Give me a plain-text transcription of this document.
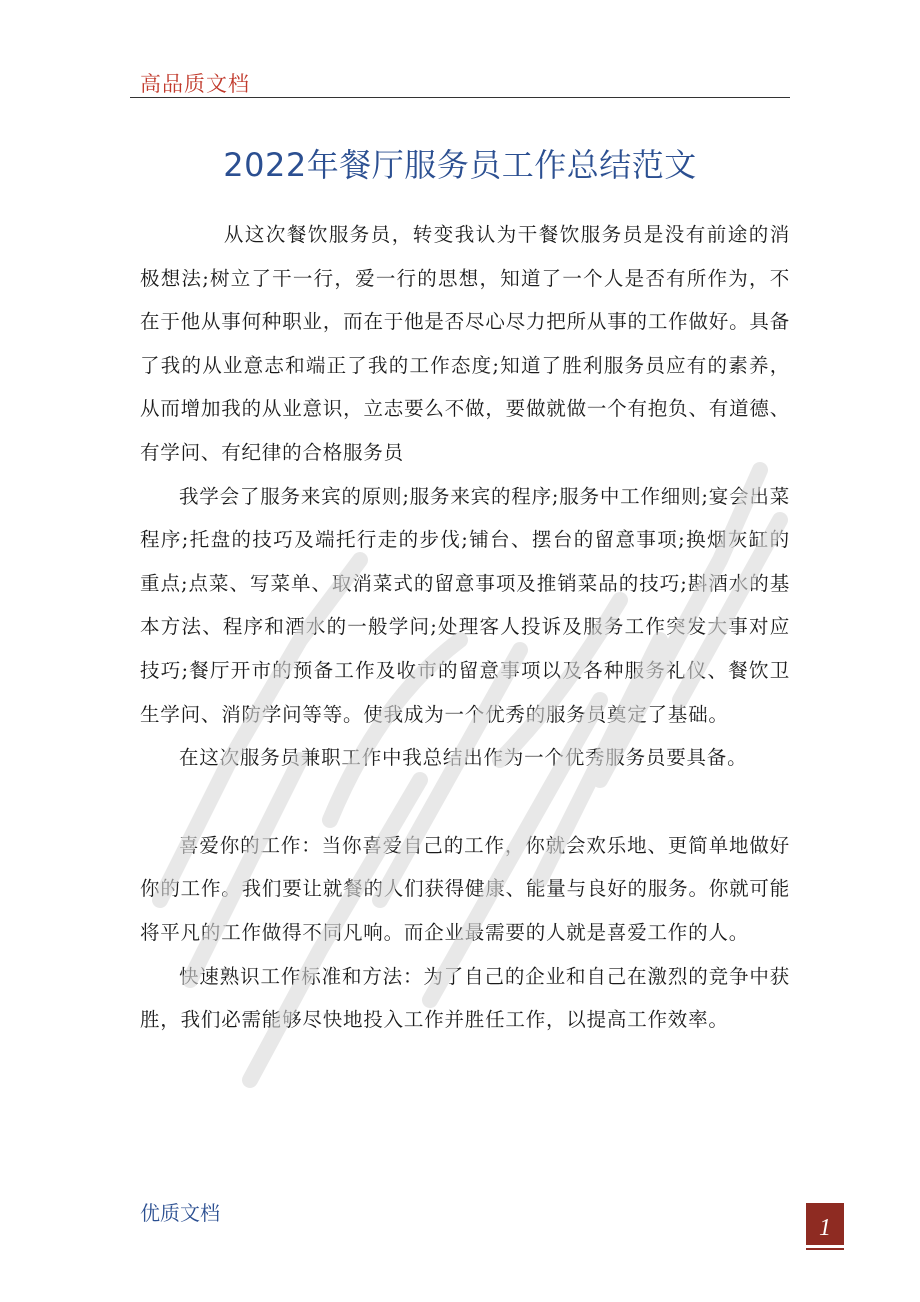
高品质文档
2022年餐厅服务员工作总结范文

从这次餐饮服务员，转变我认为干餐饮服务员是没有前途的消极想法;树立了干一行，爱一行的思想，知道了一个人是否有所作为，不在于他从事何种职业，而在于他是否尽心尽力把所从事的工作做好。具备了我的从业意志和端正了我的工作态度;知道了胜利服务员应有的素养，从而增加我的从业意识，立志要么不做，要做就做一个有抱负、有道德、有学问、有纪律的合格服务员

我学会了服务来宾的原则;服务来宾的程序;服务中工作细则;宴会出菜程序;托盘的技巧及端托行走的步伐;铺台、摆台的留意事项;换烟灰缸的重点;点菜、写菜单、取消菜式的留意事项及推销菜品的技巧;斟酒水的基本方法、程序和酒水的一般学问;处理客人投诉及服务工作突发大事对应技巧;餐厅开市的预备工作及收市的留意事项以及各种服务礼仪、餐饮卫生学问、消防学问等等。使我成为一个优秀的服务员奠定了基础。

在这次服务员兼职工作中我总结出作为一个优秀服务员要具备。

喜爱你的工作：当你喜爱自己的工作，你就会欢乐地、更简单地做好你的工作。我们要让就餐的人们获得健康、能量与良好的服务。你就可能将平凡的工作做得不同凡响。而企业最需要的人就是喜爱工作的人。

快速熟识工作标准和方法：为了自己的企业和自己在激烈的竞争中获胜，我们必需能够尽快地投入工作并胜任工作，以提高工作效率。

优质文档
1
